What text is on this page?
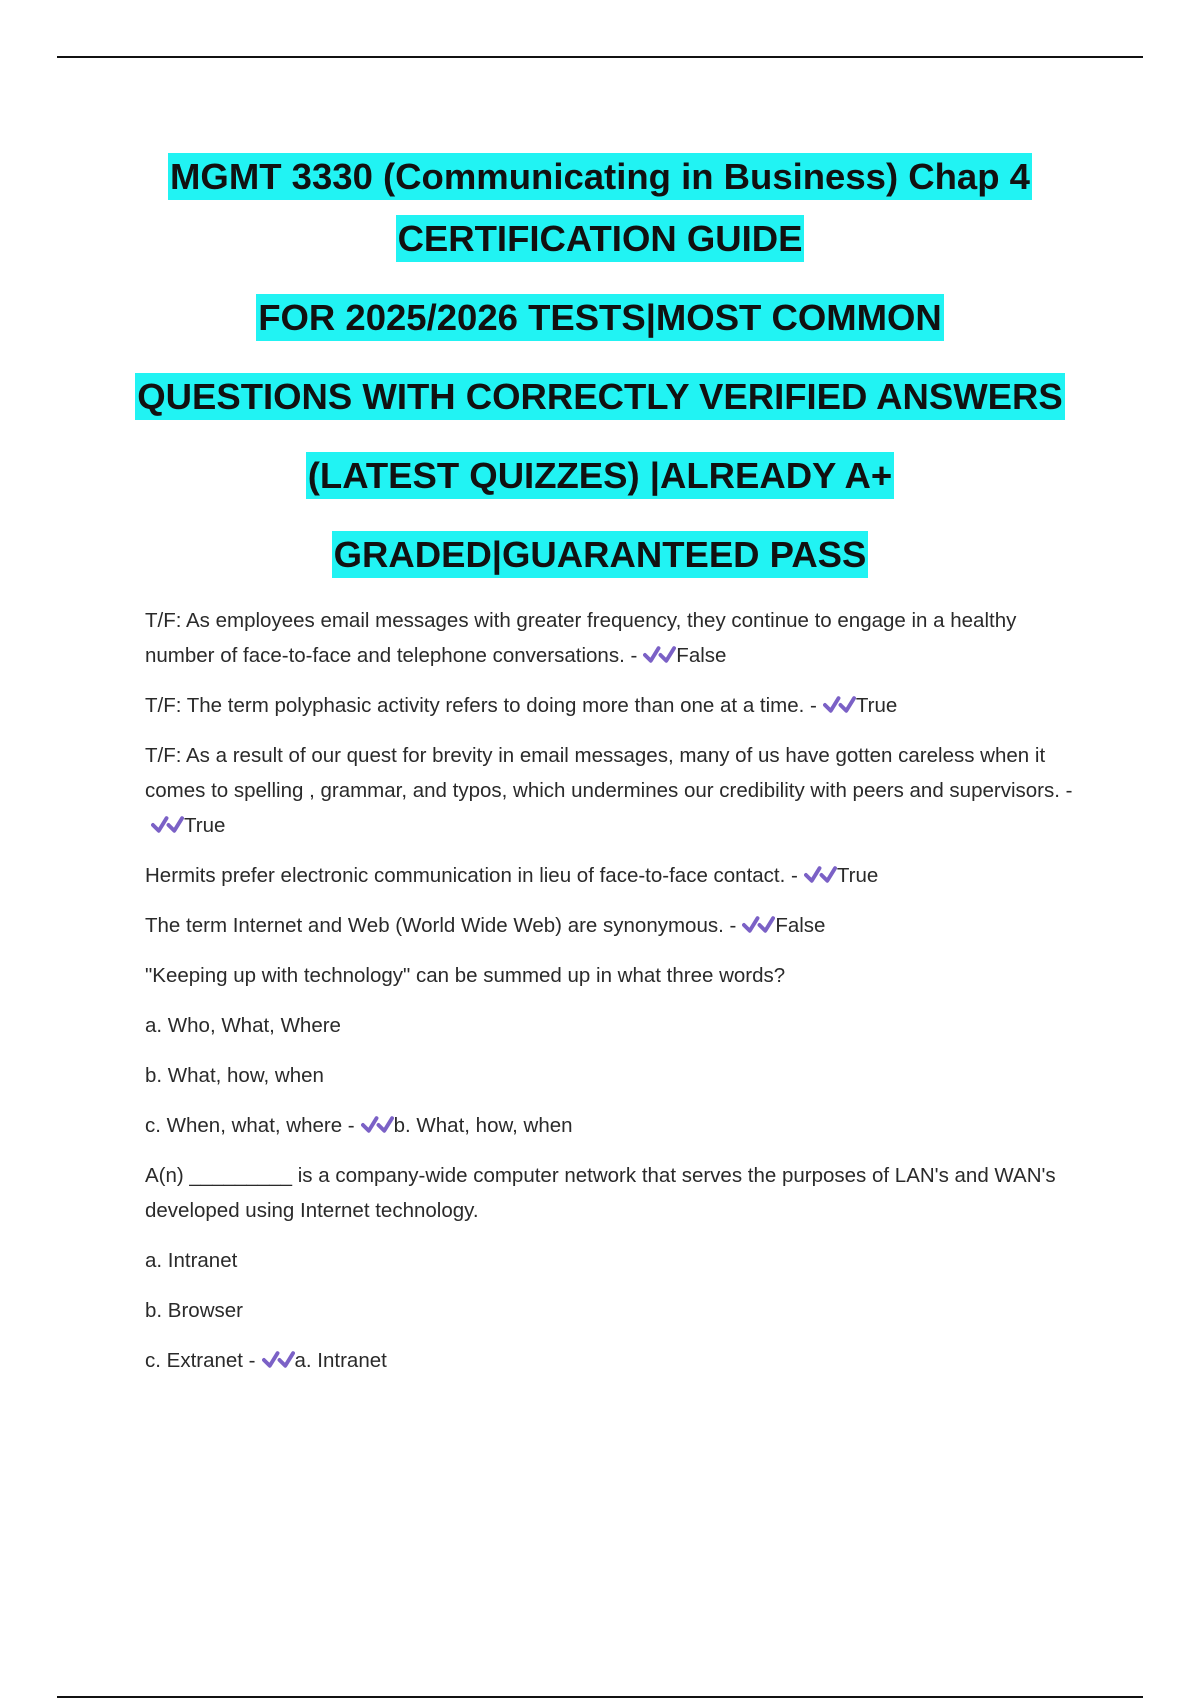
MGMT 3330 (Communicating in Business) Chap 4
CERTIFICATION GUIDE
FOR 2025/2026 TESTS|MOST COMMON
QUESTIONS WITH CORRECTLY VERIFIED ANSWERS
(LATEST QUIZZES) |ALREADY A+
GRADED|GUARANTEED PASS

T/F: As employees email messages with greater frequency, they continue to engage in a healthy number of face-to-face and telephone conversations. - False

T/F: The term polyphasic activity refers to doing more than one at a time. - True

T/F: As a result of our quest for brevity in email messages, many of us have gotten careless when it comes to spelling , grammar, and typos, which undermines our credibility with peers and supervisors. -True

Hermits prefer electronic communication in lieu of face-to-face contact. - True

The term Internet and Web (World Wide Web) are synonymous. - False

"Keeping up with technology" can be summed up in what three words?

a. Who, What, Where

b. What, how, when

c. When, what, where - b. What, how, when

A(n) _________ is a company-wide computer network that serves the purposes of LAN's and WAN's developed using Internet technology.

a. Intranet

b. Browser

c. Extranet - a. Intranet
